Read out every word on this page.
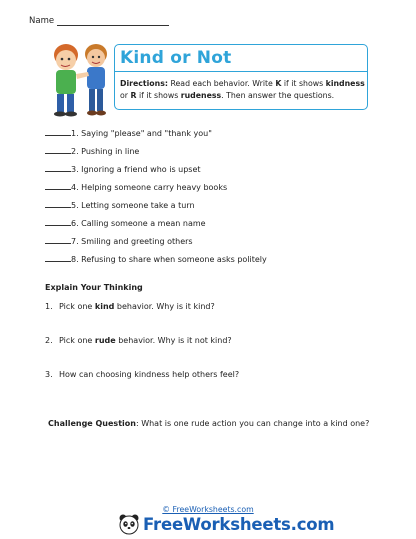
Name
Kind or Not
Directions: Read each behavior. Write K if it shows kindness or R if it shows rudeness. Then answer the questions.
1. Saying "please" and "thank you"
2. Pushing in line
3. Ignoring a friend who is upset
4. Helping someone carry heavy books
5. Letting someone take a turn
6. Calling someone a mean name
7. Smiling and greeting others
8. Refusing to share when someone asks politely
Explain Your Thinking
1. Pick one kind behavior. Why is it kind?
2. Pick one rude behavior. Why is it not kind?
3. How can choosing kindness help others feel?
Challenge Question: What is one rude action you can change into a kind one?
© FreeWorksheets.com
FreeWorksheets.com
